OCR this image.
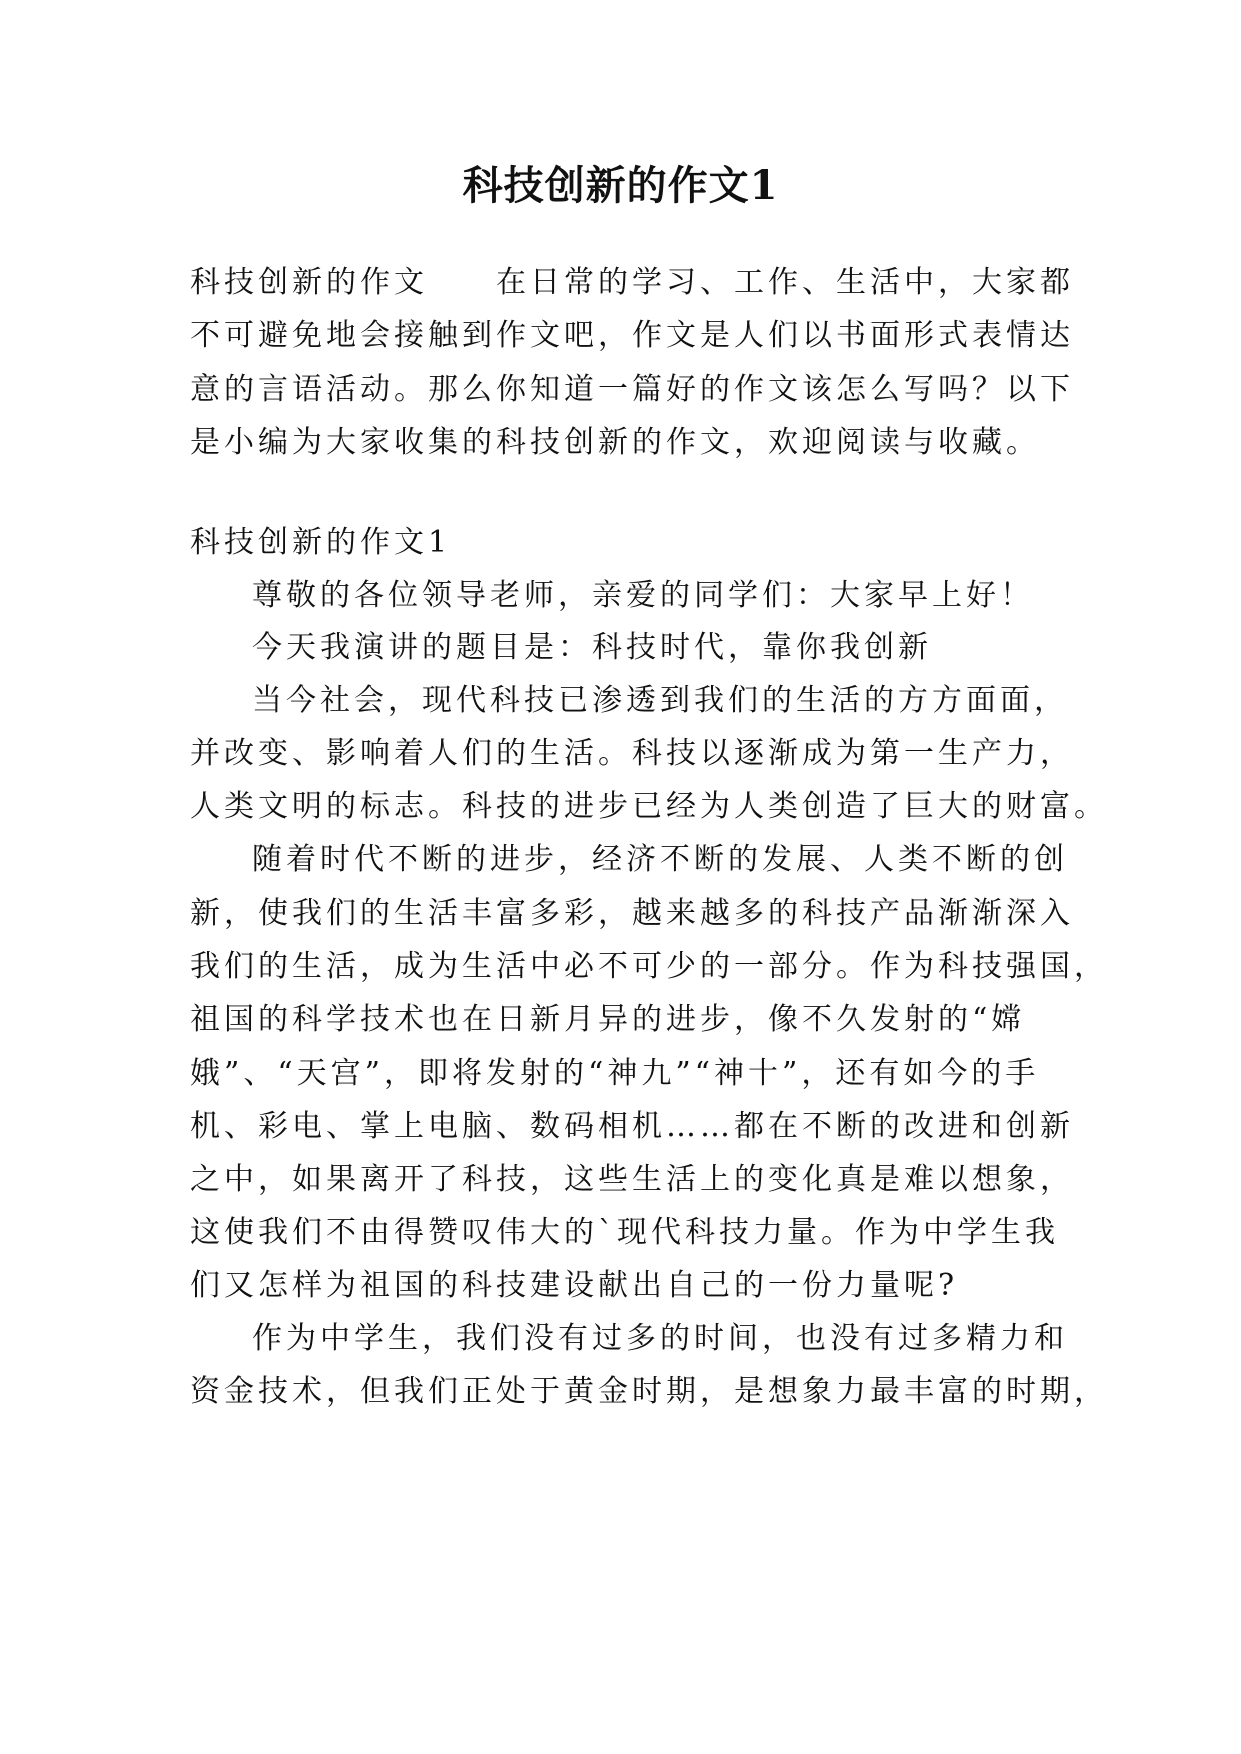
科技创新的作文1
科技创新的作文　　在日常的学习、工作、生活中，大家都
不可避免地会接触到作文吧，作文是人们以书面形式表情达
意的言语活动。那么你知道一篇好的作文该怎么写吗？以下
是小编为大家收集的科技创新的作文，欢迎阅读与收藏。
科技创新的作文1
尊敬的各位领导老师，亲爱的同学们：大家早上好！
今天我演讲的题目是：科技时代，靠你我创新
当今社会，现代科技已渗透到我们的生活的方方面面，
并改变、影响着人们的生活。科技以逐渐成为第一生产力，
人类文明的标志。科技的进步已经为人类创造了巨大的财富。
随着时代不断的进步，经济不断的发展、人类不断的创
新，使我们的生活丰富多彩，越来越多的科技产品渐渐深入
我们的生活，成为生活中必不可少的一部分。作为科技强国，
祖国的科学技术也在日新月异的进步，像不久发射的“嫦
娥”、“天宫”，即将发射的“神九”“神十”，还有如今的手
机、彩电、掌上电脑、数码相机……都在不断的改进和创新
之中，如果离开了科技，这些生活上的变化真是难以想象，
这使我们不由得赞叹伟大的`现代科技力量。作为中学生我
们又怎样为祖国的科技建设献出自己的一份力量呢?
作为中学生，我们没有过多的时间，也没有过多精力和
资金技术，但我们正处于黄金时期，是想象力最丰富的时期，
